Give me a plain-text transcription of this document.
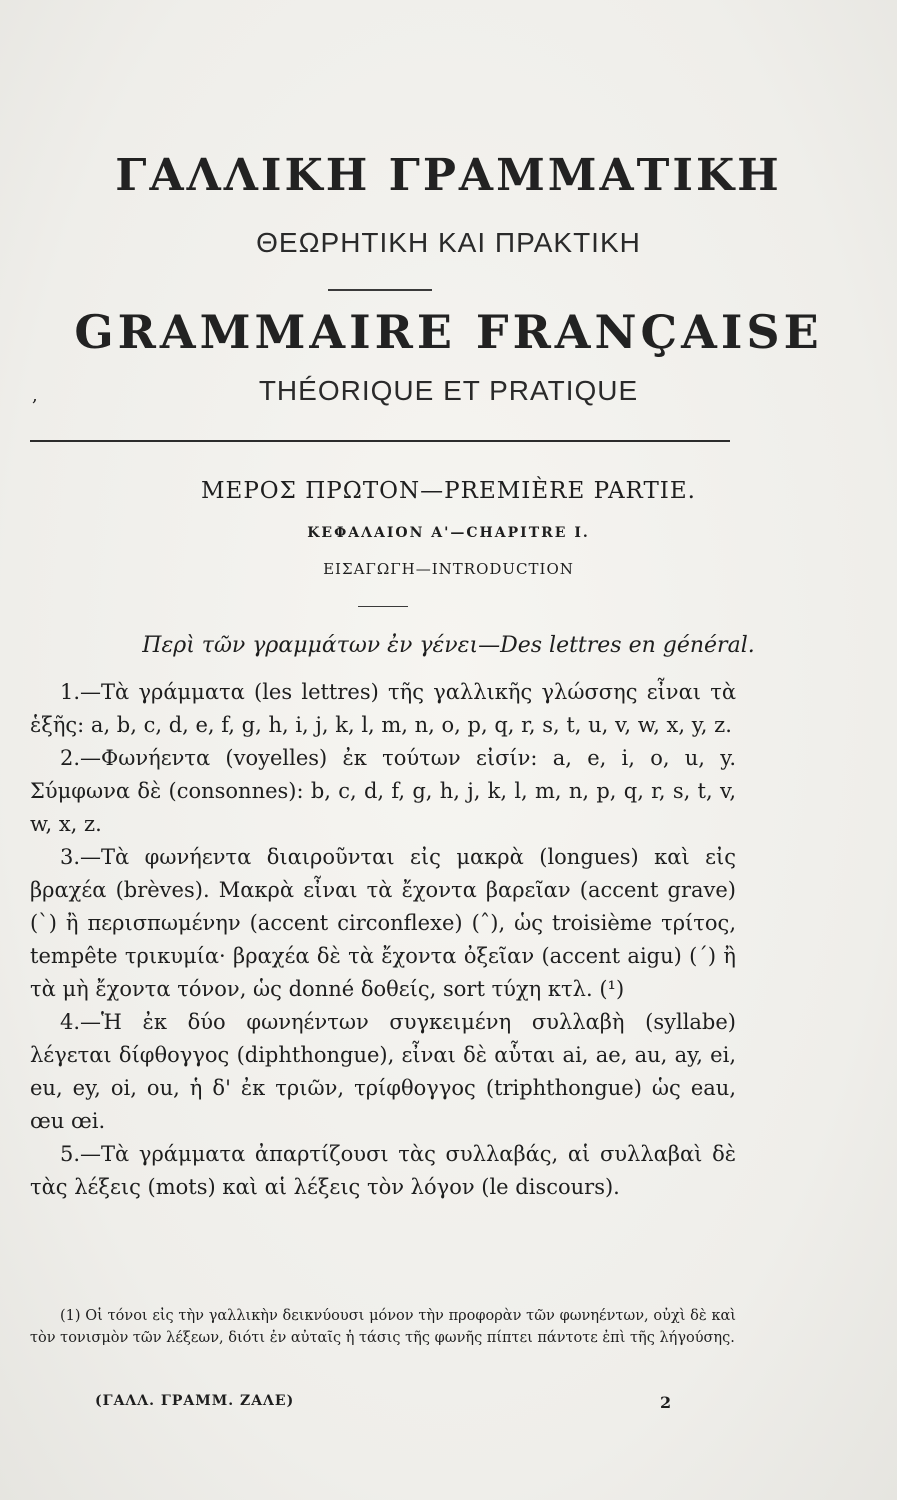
ΓΑΛΛΙΚΗ ΓΡΑΜΜΑΤΙΚΗ
ΘΕΩΡΗΤΙΚΗ ΚΑΙ ΠΡΑΚΤΙΚΗ
GRAMMAIRE FRANÇAISE
,	THÉORIQUE ET PRATIQUE
ΜΕΡΟΣ ΠΡΩΤΟΝ—PREMIÈRE PARTIE.
ΚΕΦΑΛΑΙΟΝ Α'—CHAPITRE I.
ΕΙΣΑΓΩΓΗ—INTRODUCTION
Περὶ τῶν γραμμάτων ἐν γένει—Des lettres en général.

1.—Τὰ γράμματα (les lettres) τῆς γαλλικῆς γλώσσης εἶναι τὰ ἑξῆς: a, b, c, d, e, f, g, h, i, j, k, l, m, n, o, p, q, r, s, t, u, v, w, x, y, z.

2.—Φωνήεντα (voyelles) ἐκ τούτων εἰσίν: a, e, i, o, u, y. Σύμφωνα δὲ (consonnes): b, c, d, f, g, h, j, k, l, m, n, p, q, r, s, t, v, w, x, z.

3.—Τὰ φωνήεντα διαιροῦνται εἰς μακρὰ (longues) καὶ εἰς βραχέα (brèves). Μακρὰ εἶναι τὰ ἔχοντα βαρεῖαν (accent grave) (`) ἢ περισπωμένην (accent circonflexe) (ˆ), ὡς troisième τρίτος, tempête τρικυμία· βραχέα δὲ τὰ ἔχοντα ὀξεῖαν (accent aigu) (´) ἢ τὰ μὴ ἔχοντα τόνον, ὡς donné δοθείς, sort τύχη κτλ. (¹)

4.—Ἡ ἐκ δύο φωνηέντων συγκειμένη συλλαβὴ (syllabe) λέγεται δίφθογγος (diphthongue), εἶναι δὲ αὗται ai, ae, au, ay, ei, eu, ey, oi, ou, ἡ δ' ἐκ τριῶν, τρίφθογγος (triphthongue) ὡς eau, œu œi.

5.—Τὰ γράμματα ἀπαρτίζουσι τὰς συλλαβάς, αἱ συλλαβαὶ δὲ τὰς λέξεις (mots) καὶ αἱ λέξεις τὸν λόγον (le discours).

(1) Οἱ τόνοι εἰς τὴν γαλλικὴν δεικνύουσι μόνον τὴν προφορὰν τῶν φωνηέντων, οὐχὶ δὲ καὶ τὸν τονισμὸν τῶν λέξεων, διότι ἐν αὐταῖς ἡ τάσις τῆς φωνῆς πίπτει πάντοτε ἐπὶ τῆς λήγούσης.

(ΓΑΛΛ. ΓΡΑΜΜ. ΖΑΛΕ)	2
